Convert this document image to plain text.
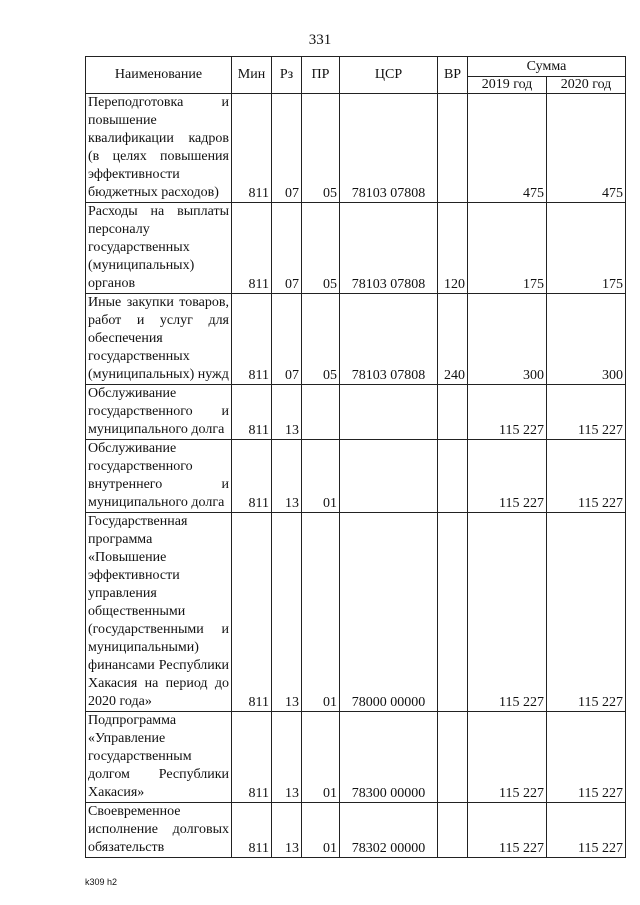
331
Наименование	Мин	Рз	ПР	ЦСР	ВР	Сумма	
						2019 год	2020 год
Переподготовка и повышение квалификации кадров (в целях повышения эффективности бюджетных расходов)	811	07	05	78103 07808		475	475
Расходы на выплаты персоналу государственных (муниципальных) органов	811	07	05	78103 07808	120	175	175
Иные закупки товаров, работ и услуг для обеспечения государственных (муниципальных) нужд	811	07	05	78103 07808	240	300	300
Обслуживание государственного и муниципального долга	811	13				115 227	115 227
Обслуживание государственного внутреннего и муниципального долга	811	13	01			115 227	115 227
Государственная программа «Повышение эффективности управления общественными (государственными и муниципальными) финансами Республики Хакасия на период до 2020 года»	811	13	01	78000 00000		115 227	115 227
Подпрограмма «Управление государственным долгом Республики Хакасия»	811	13	01	78300 00000		115 227	115 227
Своевременное исполнение долговых обязательств	811	13	01	78302 00000		115 227	115 227
k309 h2
